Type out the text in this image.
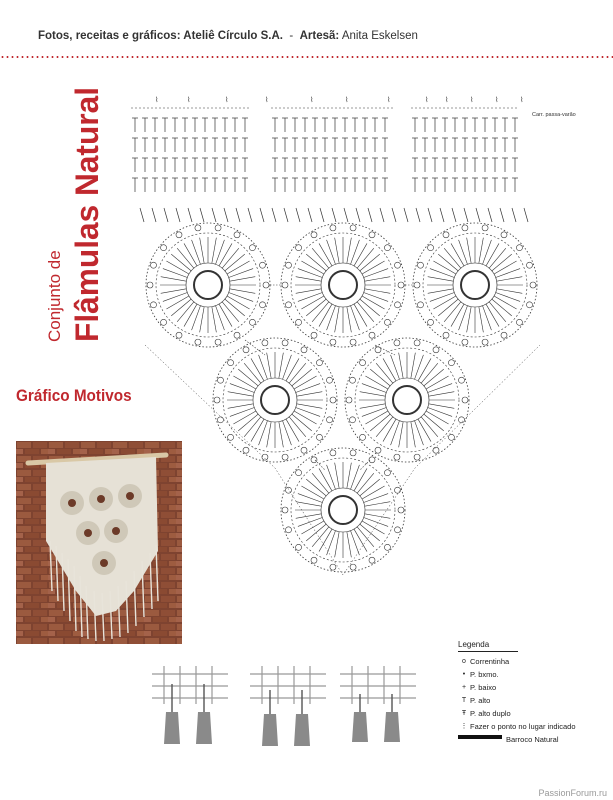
Fotos, receitas e gráficos: Ateliê Círculo S.A. - Artesã: Anita Eskelsen
Conjunto de Flâmulas Natural
Gráfico Motivos
⌇	⌇	⌇	⌇	⌇	⌇	⌇	⌇ ⌇	⌇	⌇	⌇
Carr. passa-varão
Legenda
o Correntinha
• P. bxmo.
+ P. baixo
T P. alto
Ŧ P. alto duplo
⋮ Fazer o ponto no lugar indicado
Barroco Natural
PassionForum.ru
